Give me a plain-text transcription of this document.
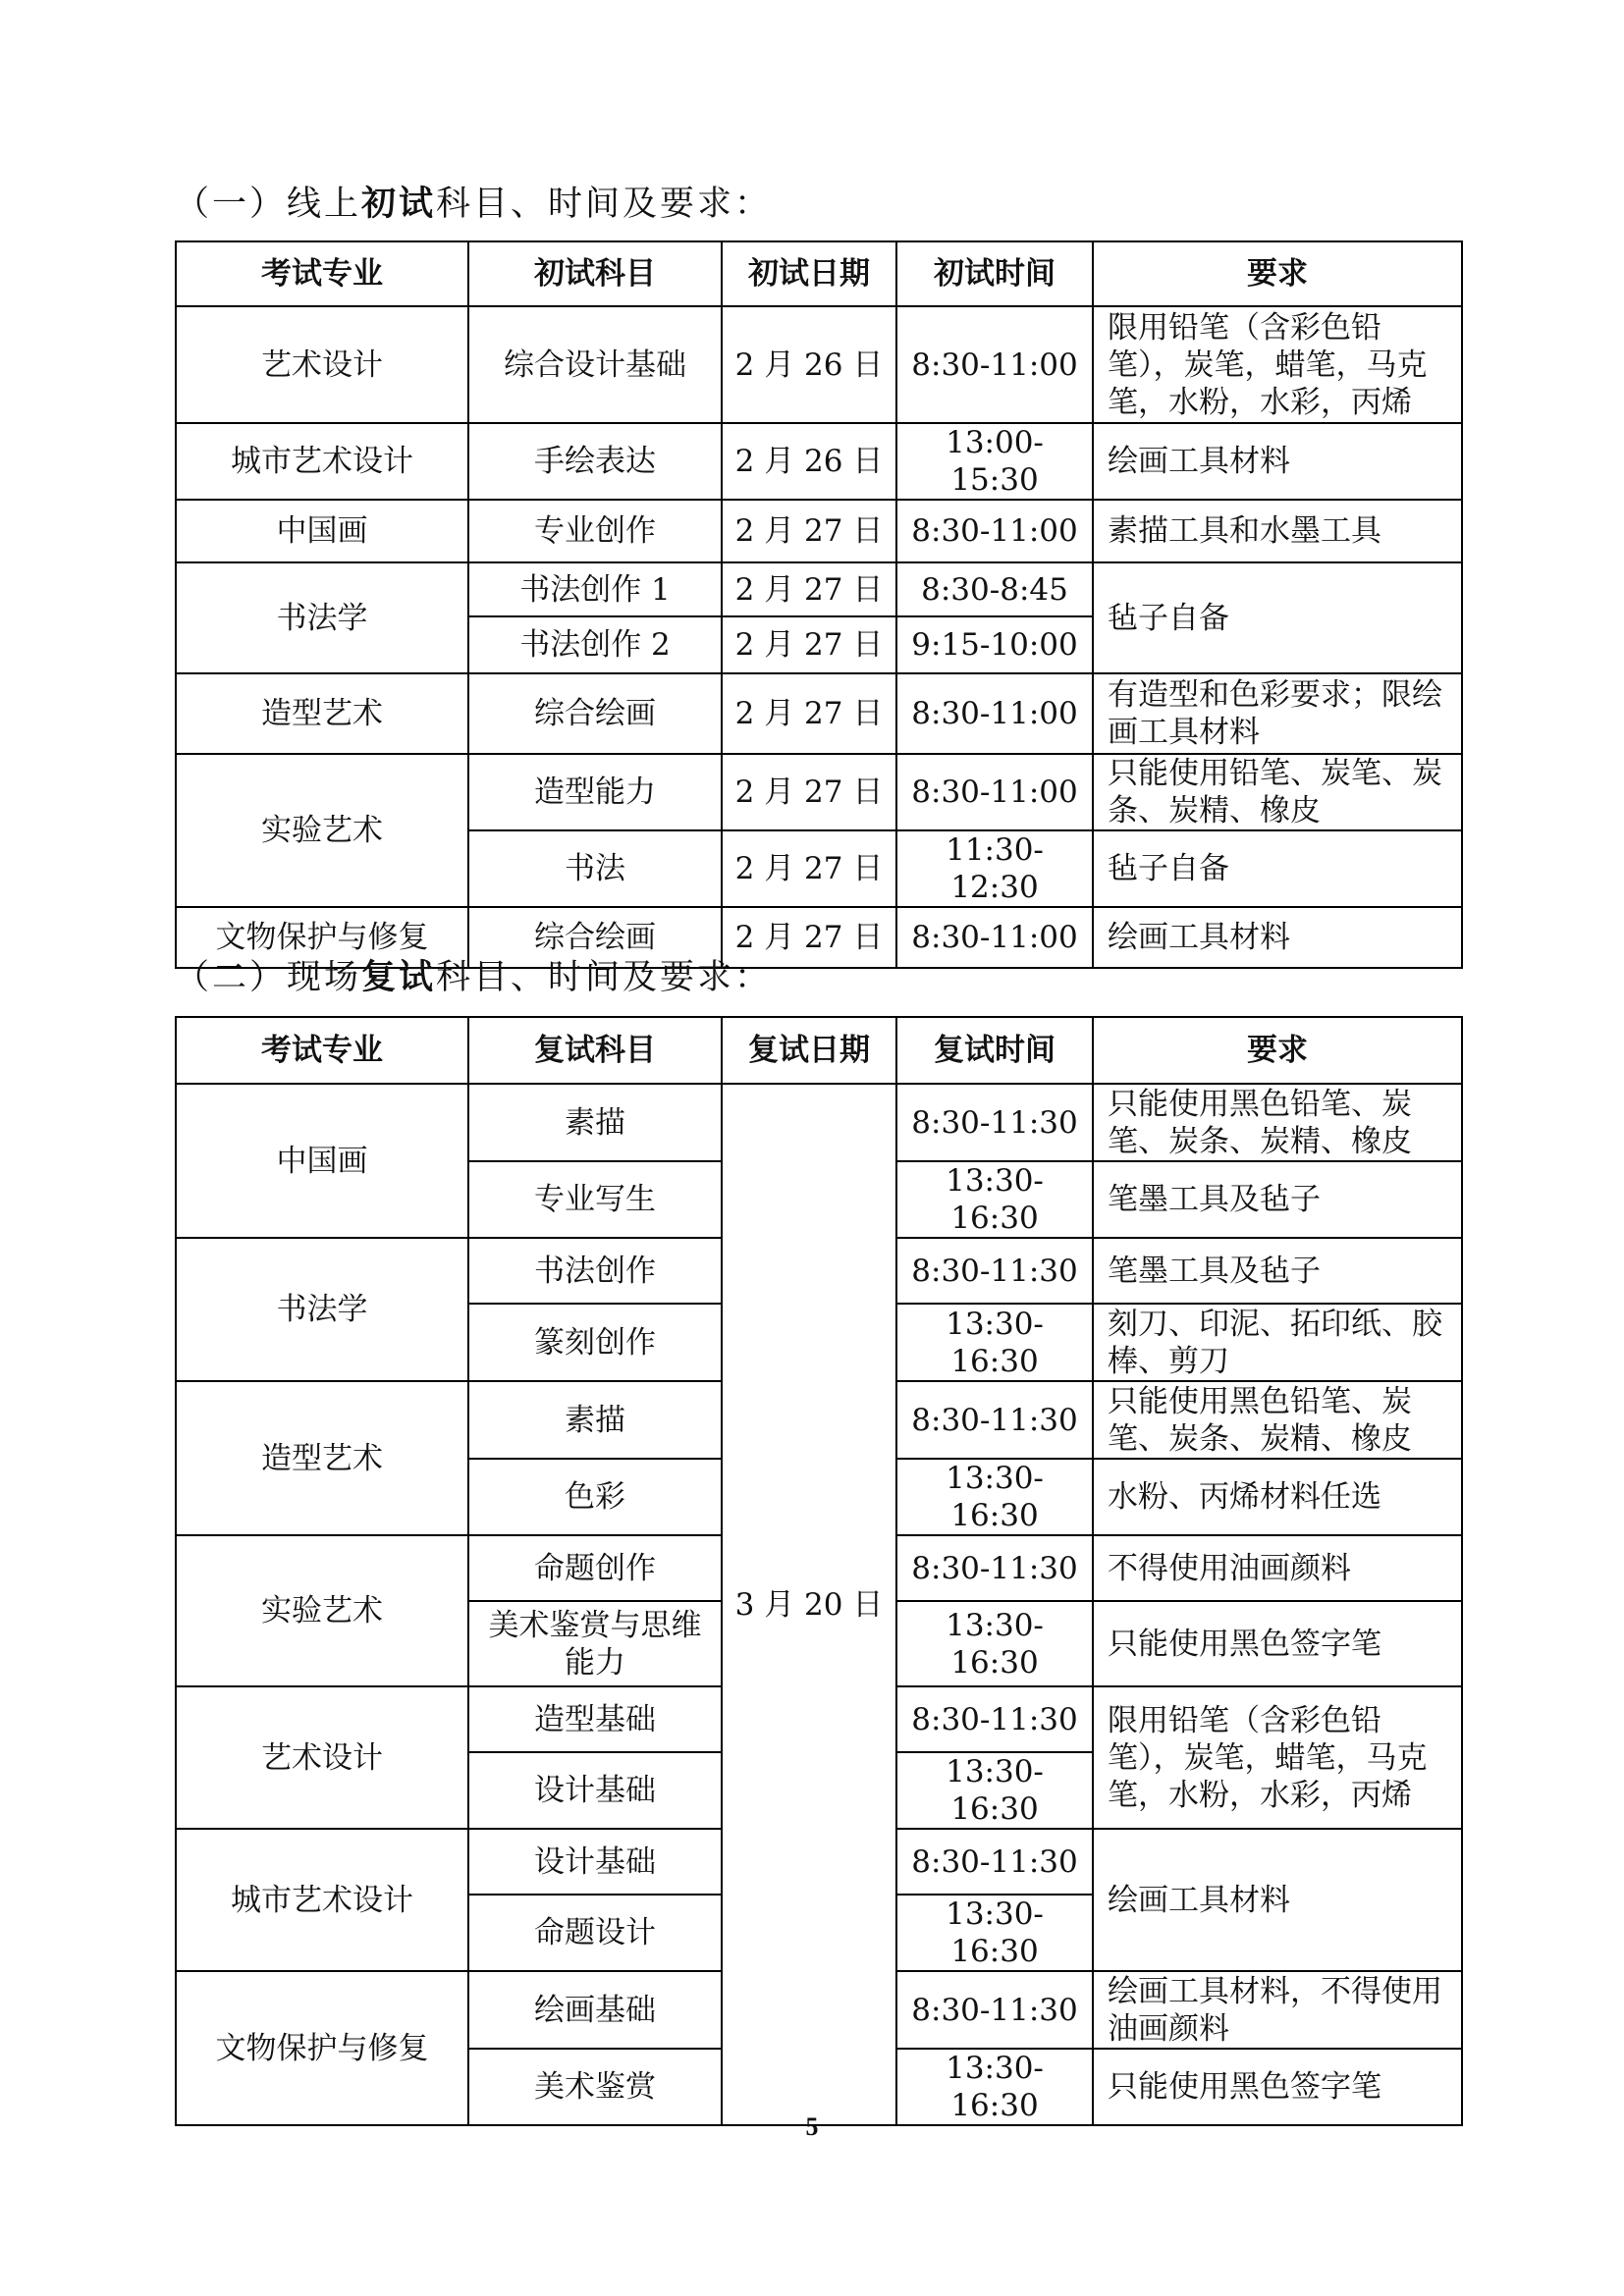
（一）线上初试科目、时间及要求：
考试专业	初试科目	初试日期	初试时间	要求
艺术设计	综合设计基础	2 月 26 日	8:30-11:00	限用铅笔（含彩色铅笔），炭笔，蜡笔，马克笔，水粉，水彩，丙烯
城市艺术设计	手绘表达	2 月 26 日	13:00-15:30	绘画工具材料
中国画	专业创作	2 月 27 日	8:30-11:00	素描工具和水墨工具
书法学	书法创作 1	2 月 27 日	8:30-8:45	毡子自备
	书法创作 2	2 月 27 日	9:15-10:00	
造型艺术	综合绘画	2 月 27 日	8:30-11:00	有造型和色彩要求；限绘画工具材料
实验艺术	造型能力	2 月 27 日	8:30-11:00	只能使用铅笔、炭笔、炭条、炭精、橡皮
	书法	2 月 27 日	11:30-12:30	毡子自备
文物保护与修复	综合绘画	2 月 27 日	8:30-11:00	绘画工具材料
（二）现场复试科目、时间及要求：
考试专业	复试科目	复试日期	复试时间	要求
中国画	素描	3 月 20 日	8:30-11:30	只能使用黑色铅笔、炭笔、炭条、炭精、橡皮
	专业写生		13:30-16:30	笔墨工具及毡子
书法学	书法创作		8:30-11:30	笔墨工具及毡子
	篆刻创作		13:30-16:30	刻刀、印泥、拓印纸、胶棒、剪刀
造型艺术	素描		8:30-11:30	只能使用黑色铅笔、炭笔、炭条、炭精、橡皮
	色彩		13:30-16:30	水粉、丙烯材料任选
实验艺术	命题创作		8:30-11:30	不得使用油画颜料
	美术鉴赏与思维能力		13:30-16:30	只能使用黑色签字笔
艺术设计	造型基础		8:30-11:30	限用铅笔（含彩色铅笔），炭笔，蜡笔，马克笔，水粉，水彩，丙烯
	设计基础		13:30-16:30	
城市艺术设计	设计基础		8:30-11:30	绘画工具材料
	命题设计		13:30-16:30	
文物保护与修复	绘画基础		8:30-11:30	绘画工具材料，不得使用油画颜料
	美术鉴赏		13:30-16:30	只能使用黑色签字笔
5
